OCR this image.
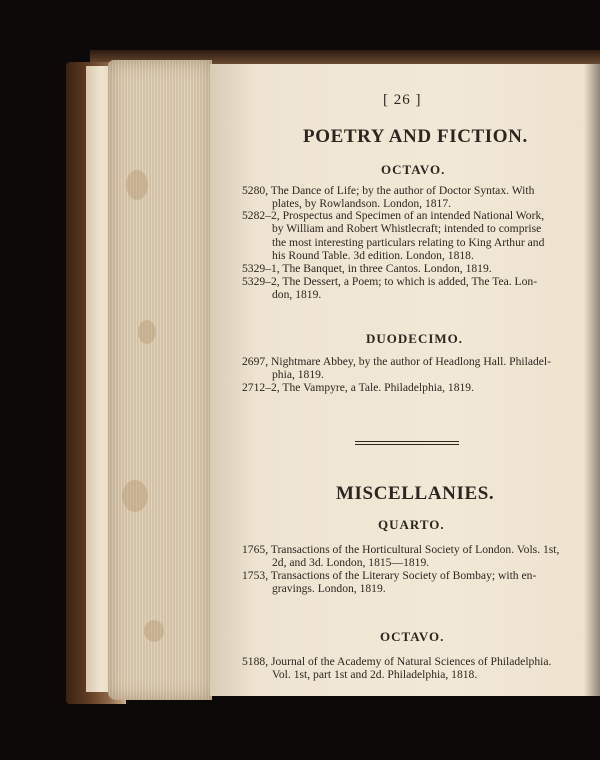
[ 26 ]
POETRY AND FICTION.
OCTAVO.
5280, The Dance of Life; by the author of Doctor Syntax. With
plates, by Rowlandson. London, 1817.
5282–2, Prospectus and Specimen of an intended National Work,
by William and Robert Whistlecraft; intended to comprise
the most interesting particulars relating to King Arthur and
his Round Table. 3d edition. London, 1818.
5329–1, The Banquet, in three Cantos. London, 1819.
5329–2, The Dessert, a Poem; to which is added, The Tea. Lon-
don, 1819.
DUODECIMO.
2697, Nightmare Abbey, by the author of Headlong Hall. Philadel-
phia, 1819.
2712–2, The Vampyre, a Tale. Philadelphia, 1819.
MISCELLANIES.
QUARTO.
1765, Transactions of the Horticultural Society of London. Vols. 1st,
2d, and 3d. London, 1815—1819.
1753, Transactions of the Literary Society of Bombay; with en-
gravings. London, 1819.
OCTAVO.
5188, Journal of the Academy of Natural Sciences of Philadelphia.
Vol. 1st, part 1st and 2d. Philadelphia, 1818.
